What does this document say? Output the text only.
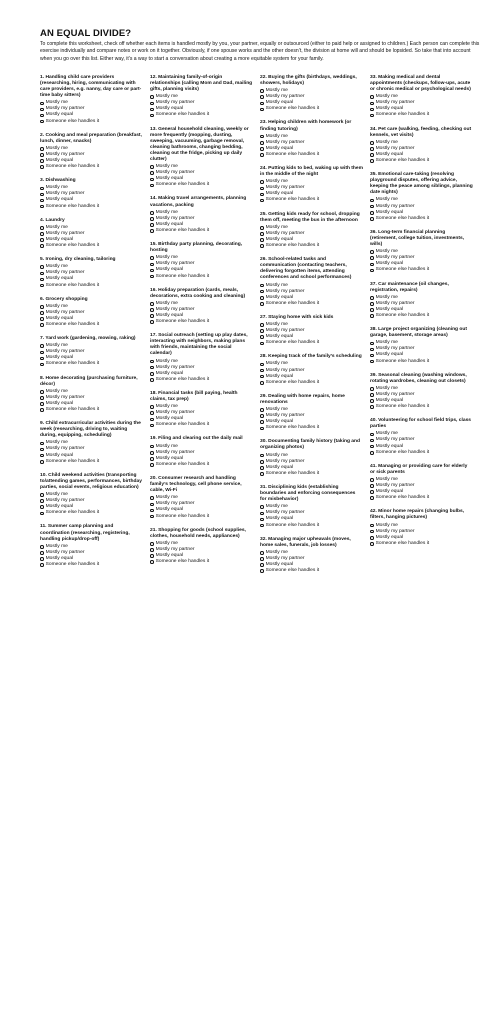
AN EQUAL DIVIDE?

To complete this worksheet, check off whether each items is handled mostly by you, your partner, equally or outsourced (either to paid help or assigned to children.) Each person can complete this exercise individually and compare notes or work on it together. Obviously, if one spouse works and the other doesn’t, the division at home will and should be lopsided. So take that into account when you go over this list. Either way, it’s a way to start a conversation about creating a more equitable system for your family.

1. Handling child care providers (researching, hiring, communicating with care providers, e.g. nanny, day care or part-time baby sitters)
Mostly me
Mostly my partner
Mostly equal
Someone else handles it
2. Cooking and meal preparation (breakfast, lunch, dinner, snacks)
Mostly me
Mostly my partner
Mostly equal
Someone else handles it
3. Dishwashing
Mostly me
Mostly my partner
Mostly equal
Someone else handles it
4. Laundry
Mostly me
Mostly my partner
Mostly equal
Someone else handles it
5. Ironing, dry cleaning, tailoring
Mostly me
Mostly my partner
Mostly equal
Someone else handles it
6. Grocery shopping
Mostly me
Mostly my partner
Mostly equal
Someone else handles it
7. Yard work (gardening, mowing, raking)
Mostly me
Mostly my partner
Mostly equal
Someone else handles it
8. Home decorating (purchasing furniture, décor)
Mostly me
Mostly my partner
Mostly equal
Someone else handles it
9. Child extracurricular activities during the week (researching, driving to, waiting during, equipping, scheduling)
Mostly me
Mostly my partner
Mostly equal
Someone else handles it
10. Child weekend activities (transporting to/attending games, performances, birthday parties, social events, religious education)
Mostly me
Mostly my partner
Mostly equal
Someone else handles it
11. Summer camp planning and coordination (researching, registering, handling pickup/drop-off)
Mostly me
Mostly my partner
Mostly equal
Someone else handles it
12. Maintaining family-of-origin relationships (calling Mom and Dad, mailing gifts, planning visits)
Mostly me
Mostly my partner
Mostly equal
Someone else handles it
13. General household cleaning, weekly or more frequently (mopping, dusting, sweeping, vacuuming, garbage removal, cleaning bathrooms, changing bedding, cleaning out the fridge, picking up daily clutter)
Mostly me
Mostly my partner
Mostly equal
Someone else handles it
14. Making travel arrangements, planning vacations, packing
Mostly me
Mostly my partner
Mostly equal
Someone else handles it
15. Birthday party planning, decorating, hosting
Mostly me
Mostly my partner
Mostly equal
Someone else handles it
16. Holiday preparation (cards, meals, decorations, extra cooking and cleaning)
Mostly me
Mostly my partner
Mostly equal
Someone else handles it
17. Social outreach (setting up play dates, interacting with neighbors, making plans with friends, maintaining the social calendar)
Mostly me
Mostly my partner
Mostly equal
Someone else handles it
18. Financial tasks (bill paying, health claims, tax prep)
Mostly me
Mostly my partner
Mostly equal
Someone else handles it
19. Filing and clearing out the daily mail
Mostly me
Mostly my partner
Mostly equal
Someone else handles it
20. Consumer research and handling family’s technology, cell phone service, cable, Wi-Fi
Mostly me
Mostly my partner
Mostly equal
Someone else handles it
21. Shopping for goods (school supplies, clothes, household needs, appliances)
Mostly me
Mostly my partner
Mostly equal
Someone else handles it
22. Buying the gifts (birthdays, weddings, showers, holidays)
Mostly me
Mostly my partner
Mostly equal
Someone else handles it
23. Helping children with homework (or finding tutoring)
Mostly me
Mostly my partner
Mostly equal
Someone else handles it
24. Putting kids to bed, waking up with them in the middle of the night
Mostly me
Mostly my partner
Mostly equal
Someone else handles it
25. Getting kids ready for school, dropping them off, meeting the bus in the afternoon
Mostly me
Mostly my partner
Mostly equal
Someone else handles it
26. School-related tasks and communication (contacting teachers, delivering forgotten items, attending conferences and school performances)
Mostly me
Mostly my partner
Mostly equal
Someone else handles it
27. Staying home with sick kids
Mostly me
Mostly my partner
Mostly equal
Someone else handles it
28. Keeping track of the family’s scheduling
Mostly me
Mostly my partner
Mostly equal
Someone else handles it
29. Dealing with home repairs, home renovations
Mostly me
Mostly my partner
Mostly equal
Someone else handles it
30. Documenting family history (taking and organizing photos)
Mostly me
Mostly my partner
Mostly equal
Someone else handles it
31. Disciplining kids (establishing boundaries and enforcing consequences for misbehavior)
Mostly me
Mostly my partner
Mostly equal
Someone else handles it
32. Managing major upheavals (moves, home sales, funerals, job losses)
Mostly me
Mostly my partner
Mostly equal
Someone else handles it
33. Making medical and dental appointments (checkups, follow-ups, acute or chronic medical or psychological needs)
Mostly me
Mostly my partner
Mostly equal
Someone else handles it
34. Pet care (walking, feeding, checking out kennels, vet visits)
Mostly me
Mostly my partner
Mostly equal
Someone else handles it
35. Emotional care-taking (resolving playground disputes, offering advice, keeping the peace among siblings, planning date nights)
Mostly me
Mostly my partner
Mostly equal
Someone else handles it
36. Long-term financial planning (retirement, college tuition, investments, wills)
Mostly me
Mostly my partner
Mostly equal
Someone else handles it
37. Car maintenance (oil changes, registration, repairs)
Mostly me
Mostly my partner
Mostly equal
Someone else handles it
38. Large project organizing (cleaning out garage, basement, storage areas)
Mostly me
Mostly my partner
Mostly equal
Someone else handles it
39. Seasonal cleaning (washing windows, rotating wardrobes, cleaning out closets)
Mostly me
Mostly my partner
Mostly equal
Someone else handles it
40. Volunteering for school field trips, class parties
Mostly me
Mostly my partner
Mostly equal
Someone else handles it
41. Managing or providing care for elderly or sick parents
Mostly me
Mostly my partner
Mostly equal
Someone else handles it
42. Minor home repairs (changing bulbs, filters, hanging pictures)
Mostly me
Mostly my partner
Mostly equal
Someone else handles it
